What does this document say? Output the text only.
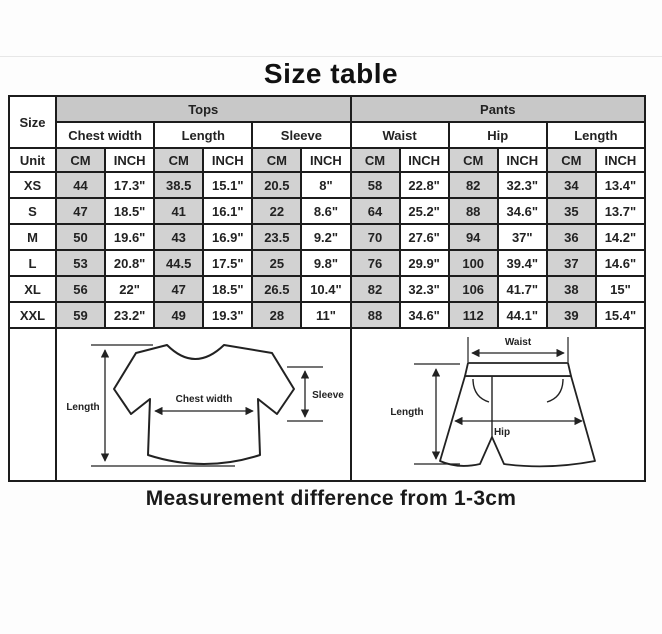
Size table
Size	Tops						Pants					
	Chest width		Length		Sleeve		Waist		Hip		Length	
Unit	CM	INCH	CM	INCH	CM	INCH	CM	INCH	CM	INCH	CM	INCH
XS	44	17.3"	38.5	15.1"	20.5	8"	58	22.8"	82	32.3"	34	13.4"
S	47	18.5"	41	16.1"	22	8.6"	64	25.2"	88	34.6"	35	13.7"
M	50	19.6"	43	16.9"	23.5	9.2"	70	27.6"	94	37"	36	14.2"
L	53	20.8"	44.5	17.5"	25	9.8"	76	29.9"	100	39.4"	37	14.6"
XL	56	22"	47	18.5"	26.5	10.4"	82	32.3"	106	41.7"	38	15"
XXL	59	23.2"	49	19.3"	28	11"	88	34.6"	112	44.1"	39	15.4"

Length
Chest width Sleeve						Waist
Length
Hip					
Measurement difference from 1-3cm
